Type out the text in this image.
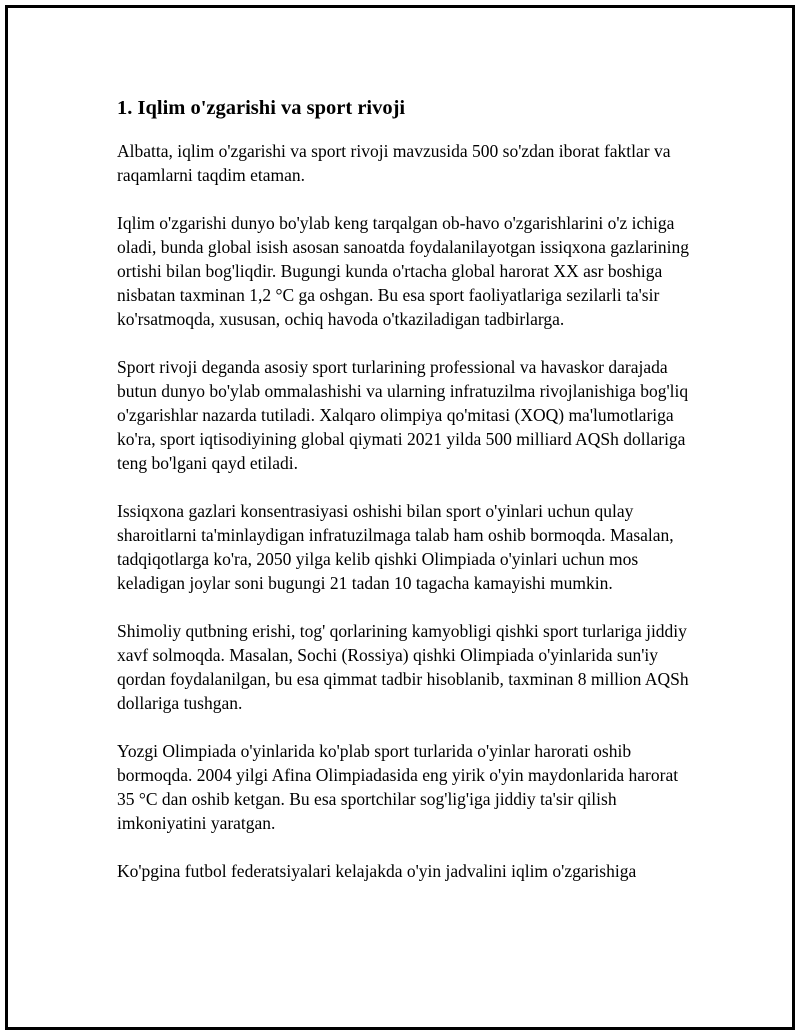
1. Iqlim o'zgarishi va sport rivoji

Albatta, iqlim o'zgarishi va sport rivoji mavzusida 500 so'zdan iborat faktlar va raqamlarni taqdim etaman.

Iqlim o'zgarishi dunyo bo'ylab keng tarqalgan ob-havo o'zgarishlarini o'z ichiga oladi, bunda global isish asosan sanoatda foydalanilayotgan issiqxona gazlarining ortishi bilan bog'liqdir. Bugungi kunda o'rtacha global harorat XX asr boshiga nisbatan taxminan 1,2 °C ga oshgan. Bu esa sport faoliyatlariga sezilarli ta'sir ko'rsatmoqda, xususan, ochiq havoda o'tkaziladigan tadbirlarga.

Sport rivoji deganda asosiy sport turlarining professional va havaskor darajada butun dunyo bo'ylab ommalashishi va ularning infratuzilma rivojlanishiga bog'liq o'zgarishlar nazarda tutiladi. Xalqaro olimpiya qo'mitasi (XOQ) ma'lumotlariga ko'ra, sport iqtisodiyining global qiymati 2021 yilda 500 milliard AQSh dollariga teng bo'lgani qayd etiladi.

Issiqxona gazlari konsentrasiyasi oshishi bilan sport o'yinlari uchun qulay sharoitlarni ta'minlaydigan infratuzilmaga talab ham oshib bormoqda. Masalan, tadqiqotlarga ko'ra, 2050 yilga kelib qishki Olimpiada o'yinlari uchun mos keladigan joylar soni bugungi 21 tadan 10 tagacha kamayishi mumkin.

Shimoliy qutbning erishi, tog' qorlarining kamyobligi qishki sport turlariga jiddiy xavf solmoqda. Masalan, Sochi (Rossiya) qishki Olimpiada o'yinlarida sun'iy qordan foydalanilgan, bu esa qimmat tadbir hisoblanib, taxminan 8 million AQSh dollariga tushgan.

Yozgi Olimpiada o'yinlarida ko'plab sport turlarida o'yinlar harorati oshib bormoqda. 2004 yilgi Afina Olimpiadasida eng yirik o'yin maydonlarida harorat 35 °C dan oshib ketgan. Bu esa sportchilar sog'lig'iga jiddiy ta'sir qilish imkoniyatini yaratgan.

Ko'pgina futbol federatsiyalari kelajakda o'yin jadvalini iqlim o'zgarishiga
